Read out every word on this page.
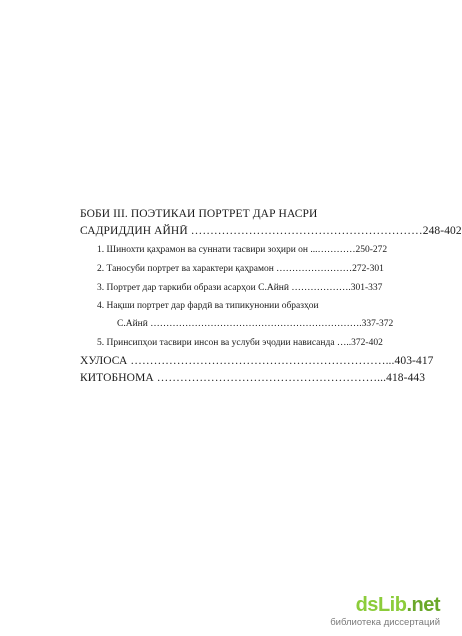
БОБИ III. ПОЭТИКАИ ПОРТРЕТ ДАР НАСРИ
САДРИДДИН АЙНӢ ……………………………………………………248-402
1. Шинохти қаҳрамон ва суннати тасвири зоҳири он ...…………250-272
2. Таносуби портрет ва характери қаҳрамон ……………………272-301
3. Портрет дар таркиби образи асарҳои С.Айнӣ ……………….301-337
4. Нақши портрет дар фардӣ ва типикунонии образҳои
С.Айнӣ ………………………………………………………….337-372
5. Принсипҳои тасвири инсон ва услуби эҷодии нависанда …..372-402
ХУЛОСА …………………………………………………………...403-417
КИТОБНОМА …………………………………………………...418-443
dsLib.net
библиотека диссертаций
